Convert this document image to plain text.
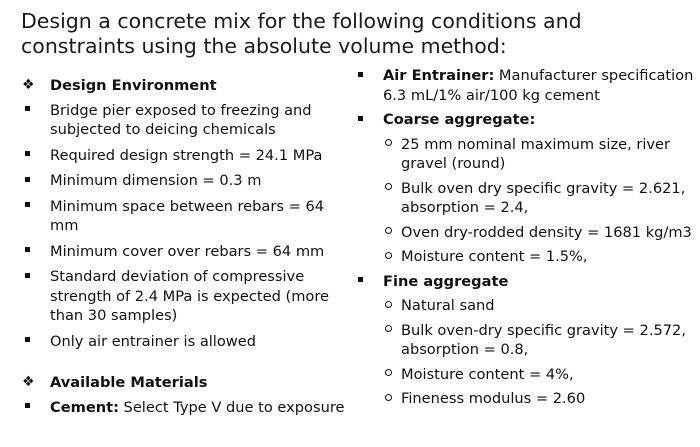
Design a concrete mix for the following conditions and constraints using the absolute volume method:
❖	Design Environment
Bridge pier exposed to freezing and subjected to deicing chemicals
Required design strength = 24.1 MPa
Minimum dimension = 0.3 m
Minimum space between rebars = 64 mm
Minimum cover over rebars = 64 mm
Standard deviation of compressive strength of 2.4 MPa is expected (more than 30 samples)
Only air entrainer is allowed
❖	Available Materials
Cement: Select Type V due to exposure
Air Entrainer: Manufacturer specification 6.3 mL/1% air/100 kg cement
Coarse aggregate:
25 mm nominal maximum size, river gravel (round)
Bulk oven dry specific gravity = 2.621, absorption = 2.4,
Oven dry-rodded density = 1681 kg/m3
Moisture content = 1.5%,
Fine aggregate
Natural sand
Bulk oven-dry specific gravity = 2.572, absorption = 0.8,
Moisture content = 4%,
Fineness modulus = 2.60
